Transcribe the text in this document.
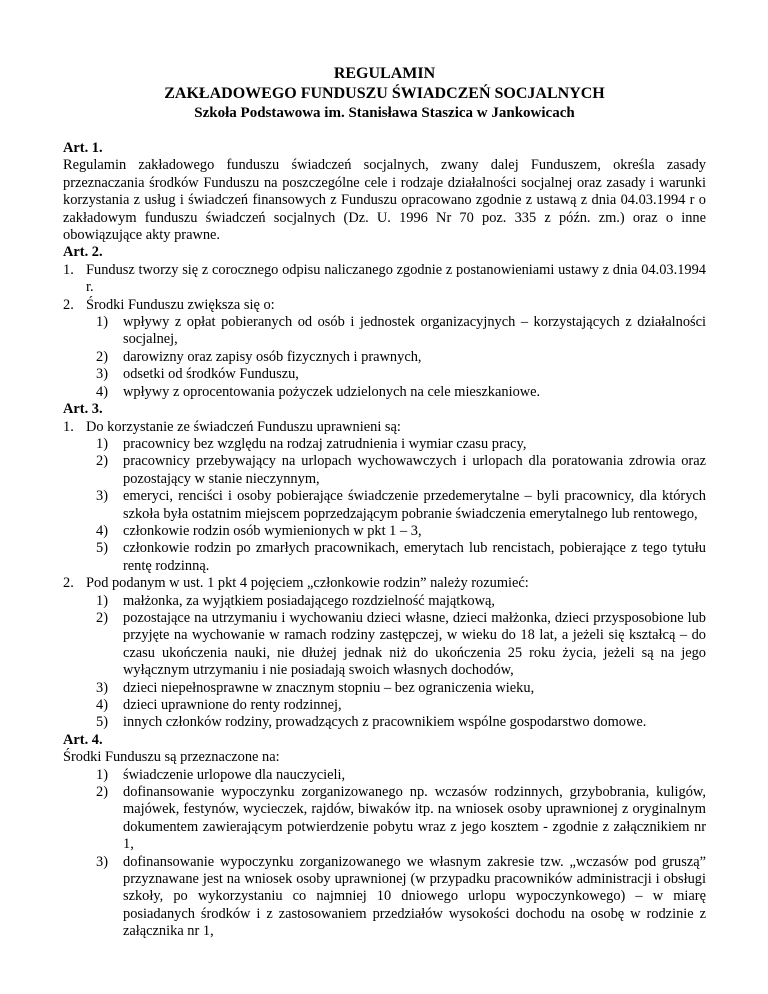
REGULAMIN
ZAKŁADOWEGO FUNDUSZU ŚWIADCZEŃ SOCJALNYCH
Szkoła Podstawowa im. Stanisława Staszica w Jankowicach
Art. 1.
Regulamin zakładowego funduszu świadczeń socjalnych, zwany dalej Funduszem, określa zasady przeznaczania środków Funduszu na poszczególne cele i rodzaje działalności socjalnej oraz zasady i warunki korzystania z usług i świadczeń finansowych z Funduszu opracowano zgodnie z ustawą z dnia 04.03.1994 r o zakładowym funduszu świadczeń socjalnych (Dz. U. 1996 Nr 70 poz. 335 z późn. zm.) oraz o inne obowiązujące akty prawne.
Art. 2.
1. Fundusz tworzy się z corocznego odpisu naliczanego zgodnie z postanowieniami ustawy z dnia 04.03.1994 r.
2. Środki Funduszu zwiększa się o:
1)	wpływy z opłat pobieranych od osób i jednostek organizacyjnych – korzystających z działalności socjalnej,
2)	darowizny oraz zapisy osób fizycznych i prawnych,
3)	odsetki od środków Funduszu,
4)	wpływy z oprocentowania pożyczek udzielonych na cele mieszkaniowe.
Art. 3.
1. Do korzystanie ze świadczeń Funduszu uprawnieni są:
1)	pracownicy bez względu na rodzaj zatrudnienia i wymiar czasu pracy,
2)	pracownicy przebywający na urlopach wychowawczych i urlopach dla poratowania zdrowia oraz pozostający w stanie nieczynnym,
3)	emeryci, renciści i osoby pobierające świadczenie przedemerytalne – byli pracownicy, dla których szkoła była ostatnim miejscem poprzedzającym pobranie świadczenia emerytalnego lub rentowego,
4)	członkowie rodzin osób wymienionych w pkt 1 – 3,
5)	członkowie rodzin po zmarłych pracownikach, emerytach lub rencistach, pobierające z tego tytułu rentę rodzinną.
2. Pod podanym w ust. 1 pkt 4 pojęciem „członkowie rodzin” należy rozumieć:
1)	małżonka, za wyjątkiem posiadającego rozdzielność majątkową,
2)	pozostające na utrzymaniu i wychowaniu dzieci własne, dzieci małżonka, dzieci przysposobione lub przyjęte na wychowanie w ramach rodziny zastępczej, w wieku do 18 lat, a jeżeli się kształcą – do czasu ukończenia nauki, nie dłużej jednak niż do ukończenia 25 roku życia, jeżeli są na jego wyłącznym utrzymaniu i nie posiadają swoich własnych dochodów,
3)	dzieci niepełnosprawne w znacznym stopniu – bez ograniczenia wieku,
4)	dzieci uprawnione do renty rodzinnej,
5)	innych członków rodziny, prowadzących z pracownikiem wspólne gospodarstwo domowe.
Art. 4.
Środki Funduszu są przeznaczone na:
1)	świadczenie urlopowe dla nauczycieli,
2)	dofinansowanie wypoczynku zorganizowanego np. wczasów rodzinnych, grzybobrania, kuligów, majówek, festynów, wycieczek, rajdów, biwaków itp. na wniosek osoby uprawnionej z oryginalnym dokumentem zawierającym potwierdzenie pobytu wraz z jego kosztem - zgodnie z załącznikiem nr 1,
3)	dofinansowanie wypoczynku zorganizowanego we własnym zakresie tzw. „wczasów pod gruszą” przyznawane jest na wniosek osoby uprawnionej (w przypadku pracowników administracji i obsługi szkoły, po wykorzystaniu co najmniej 10 dniowego urlopu wypoczynkowego) – w miarę posiadanych środków i z zastosowaniem przedziałów wysokości dochodu na osobę w rodzinie z załącznika nr 1,
